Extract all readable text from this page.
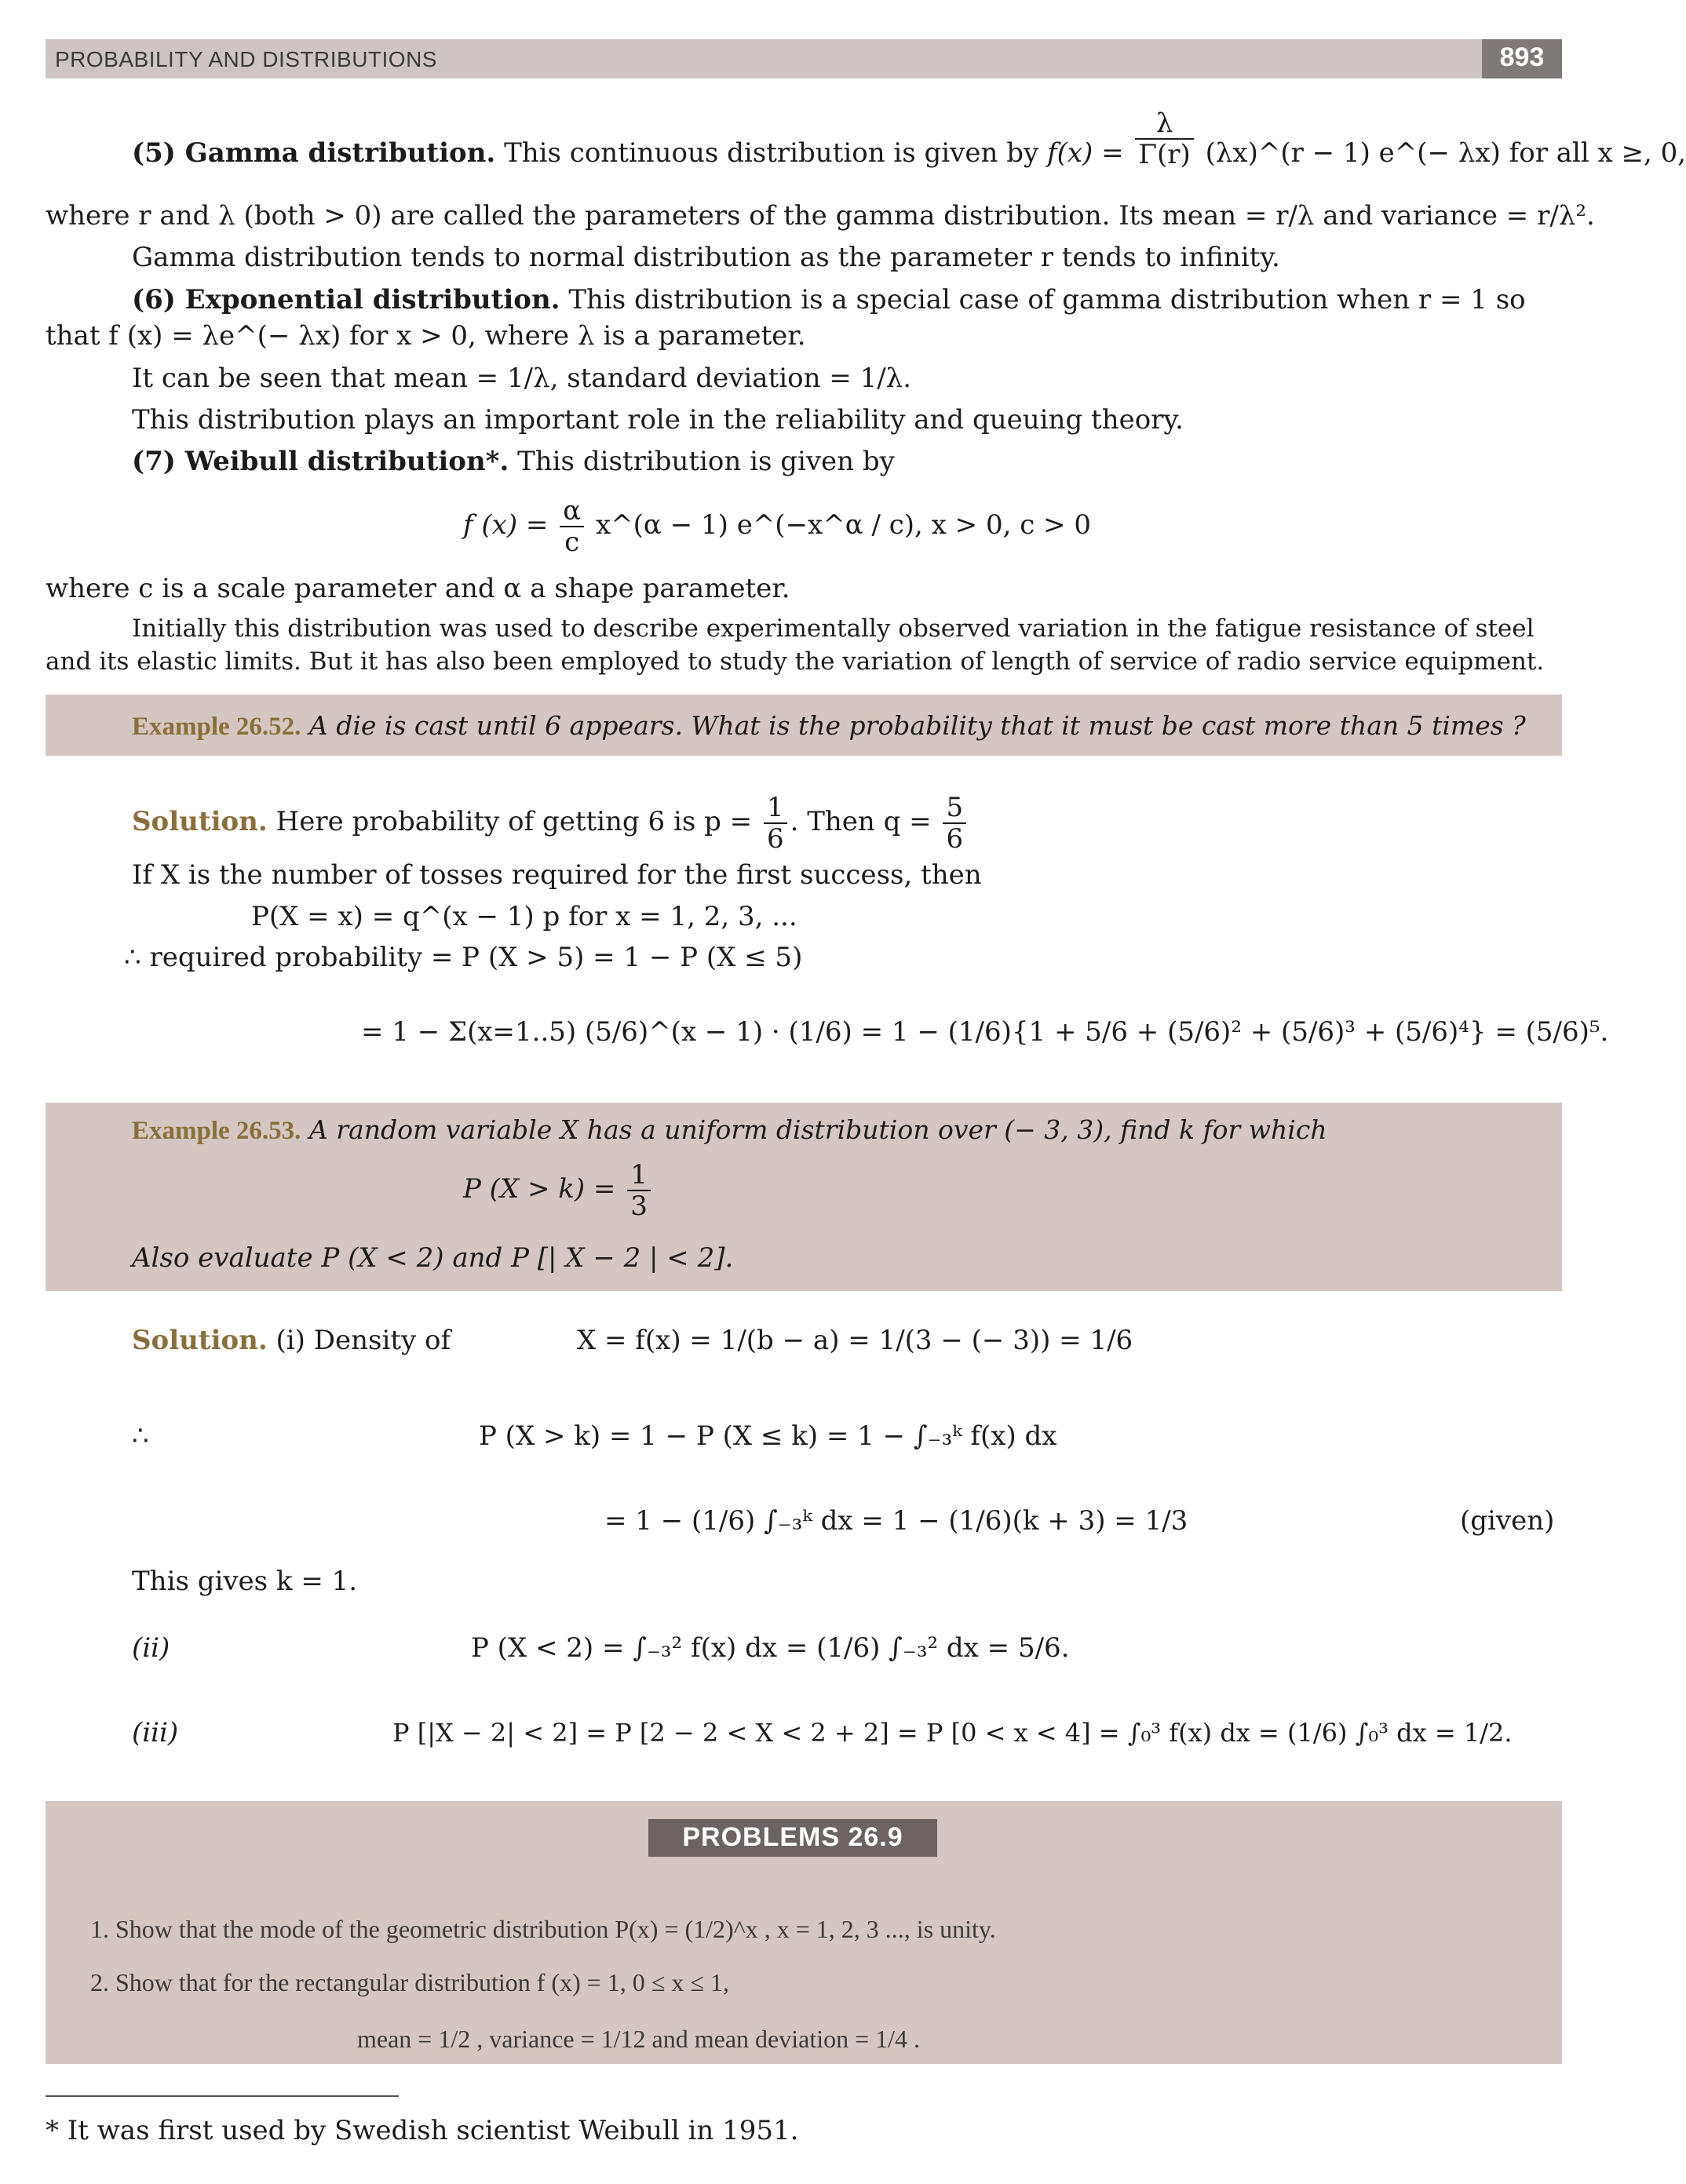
PROBABILITY AND DISTRIBUTIONS	893
(5) Gamma distribution. This continuous distribution is given by $f(x) = \frac{\lambda}{\Gamma(r)}$ (λx)^(r − 1) e^(− λx) for all x ≥, 0,
where r and λ (both > 0) are called the parameters of the gamma distribution. Its mean = r/λ and variance = r/λ².
Gamma distribution tends to normal distribution as the parameter r tends to infinity.
(6) Exponential distribution. This distribution is a special case of gamma distribution when r = 1 so
that f (x) = λe^(− λx) for x > 0, where λ is a parameter.
It can be seen that mean = 1/λ, standard deviation = 1/λ.
This distribution plays an important role in the reliability and queuing theory.
(7) Weibull distribution*. This distribution is given by
f $(x) = \frac{\alpha}{c}$ x^(α − 1) e^(−x^α / c), x > 0, c > 0
where c is a scale parameter and α a shape parameter.
Initially this distribution was used to describe experimentally observed variation in the fatigue resistance of steel
and its elastic limits. But it has also been employed to study the variation of length of service of radio service equipment.
Example 26.52. A die is cast until 6 appears. What is the probability that it must be cast more than 5 times ?
Solution. Here probability of getting 6 is $p = \frac{1}{6}$ . Then $q = \frac{5}{6}$
If X is the number of tosses required for the first success, then
P(X = x) = q^(x − 1) p for x = 1, 2, 3, ...
∴ required probability = P (X > 5) = 1 − P (X ≤ 5)
= 1 − Σ(x=1..5) (5/6)^(x − 1) · (1/6) = 1 − (1/6){1 + 5/6 + (5/6)² + (5/6)³ + (5/6)⁴} = (5/6)⁵.
Example 26.53. A random variable X has a uniform distribution over (− 3, 3), find k for which
P $(X > k) = \frac{1}{3}$
Also evaluate P (X < 2) and P [| X − 2 | < 2].
Solution. (i) Density of	X = f(x) = 1/(b − a) = 1/(3 − (− 3)) = 1/6
∴	P (X > k) = 1 − P (X ≤ k) = 1 − ∫₋₃ᵏ f(x) dx
= 1 − (1/6) ∫₋₃ᵏ dx = 1 − (1/6)(k + 3) = 1/3	(given)
This gives k = 1.
(ii)	P (X < 2) = ∫₋₃² f(x) dx = (1/6) ∫₋₃² dx = 5/6.
(iii)	P [|X − 2| < 2] = P [2 − 2 < X < 2 + 2] = P [0 < x < 4] = ∫₀³ f(x) dx = (1/6) ∫₀³ dx = 1/2.
PROBLEMS 26.9
1. Show that the mode of the geometric distribution P(x) = (1/2)^x , x = 1, 2, 3 ..., is unity.
2. Show that for the rectangular distribution f (x) = 1, 0 ≤ x ≤ 1,
mean = 1/2 , variance = 1/12 and mean deviation = 1/4 .
* It was first used by Swedish scientist Weibull in 1951.
